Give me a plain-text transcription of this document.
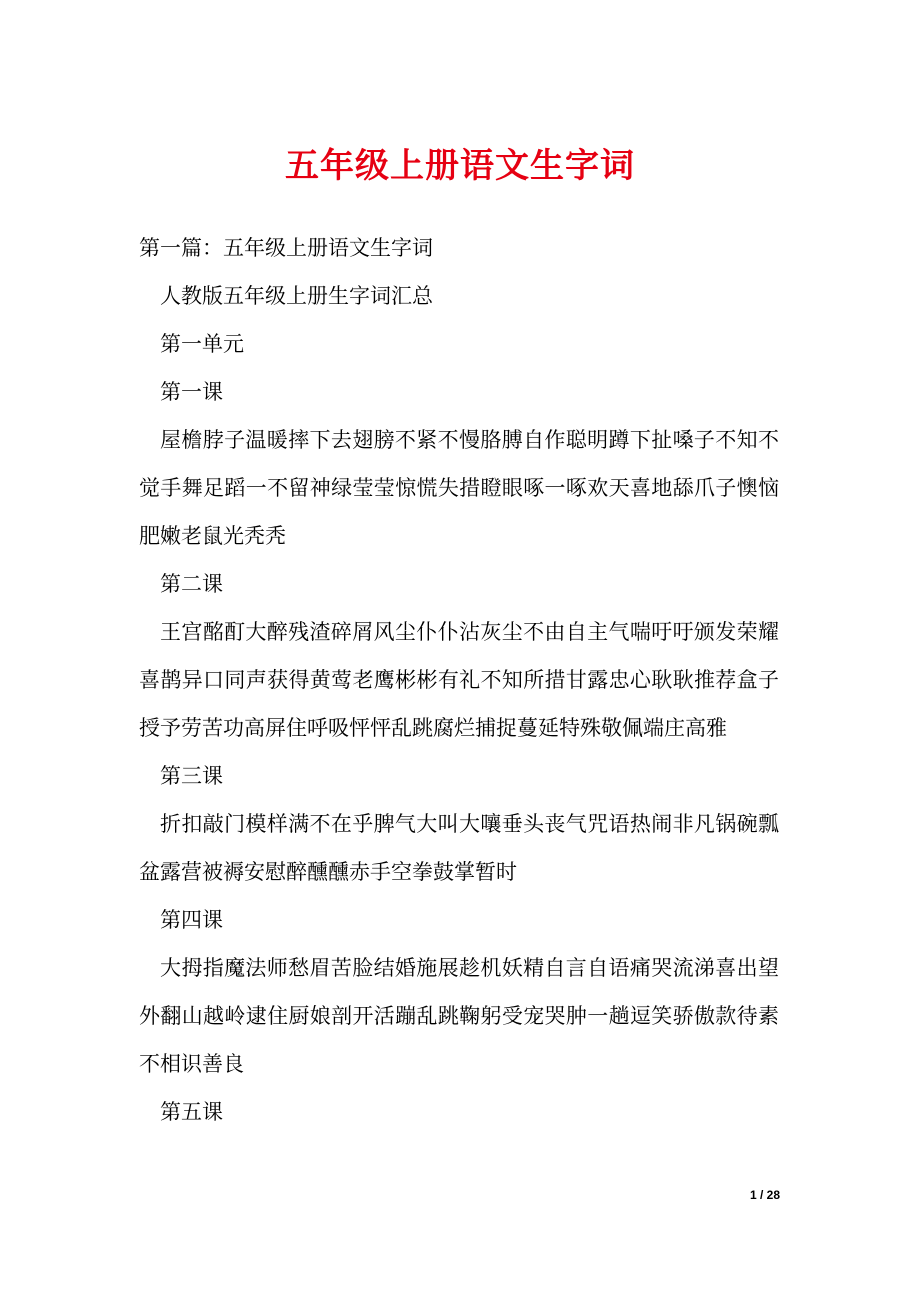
五年级上册语文生字词

第一篇：五年级上册语文生字词

人教版五年级上册生字词汇总

第一单元

第一课

屋檐脖子温暖摔下去翅膀不紧不慢胳膊自作聪明蹲下扯嗓子不知不觉手舞足蹈一不留神绿莹莹惊慌失措瞪眼啄一啄欢天喜地舔爪子懊恼肥嫩老鼠光秃秃

第二课

王宫酩酊大醉残渣碎屑风尘仆仆沾灰尘不由自主气喘吁吁颁发荣耀喜鹊异口同声获得黄莺老鹰彬彬有礼不知所措甘露忠心耿耿推荐盒子授予劳苦功高屏住呼吸怦怦乱跳腐烂捕捉蔓延特殊敬佩端庄高雅

第三课

折扣敲门模样满不在乎脾气大叫大嚷垂头丧气咒语热闹非凡锅碗瓢盆露营被褥安慰醉醺醺赤手空拳鼓掌暂时

第四课

大拇指魔法师愁眉苦脸结婚施展趁机妖精自言自语痛哭流涕喜出望外翻山越岭逮住厨娘剖开活蹦乱跳鞠躬受宠哭肿一趟逗笑骄傲款待素不相识善良

第五课

1 / 28
